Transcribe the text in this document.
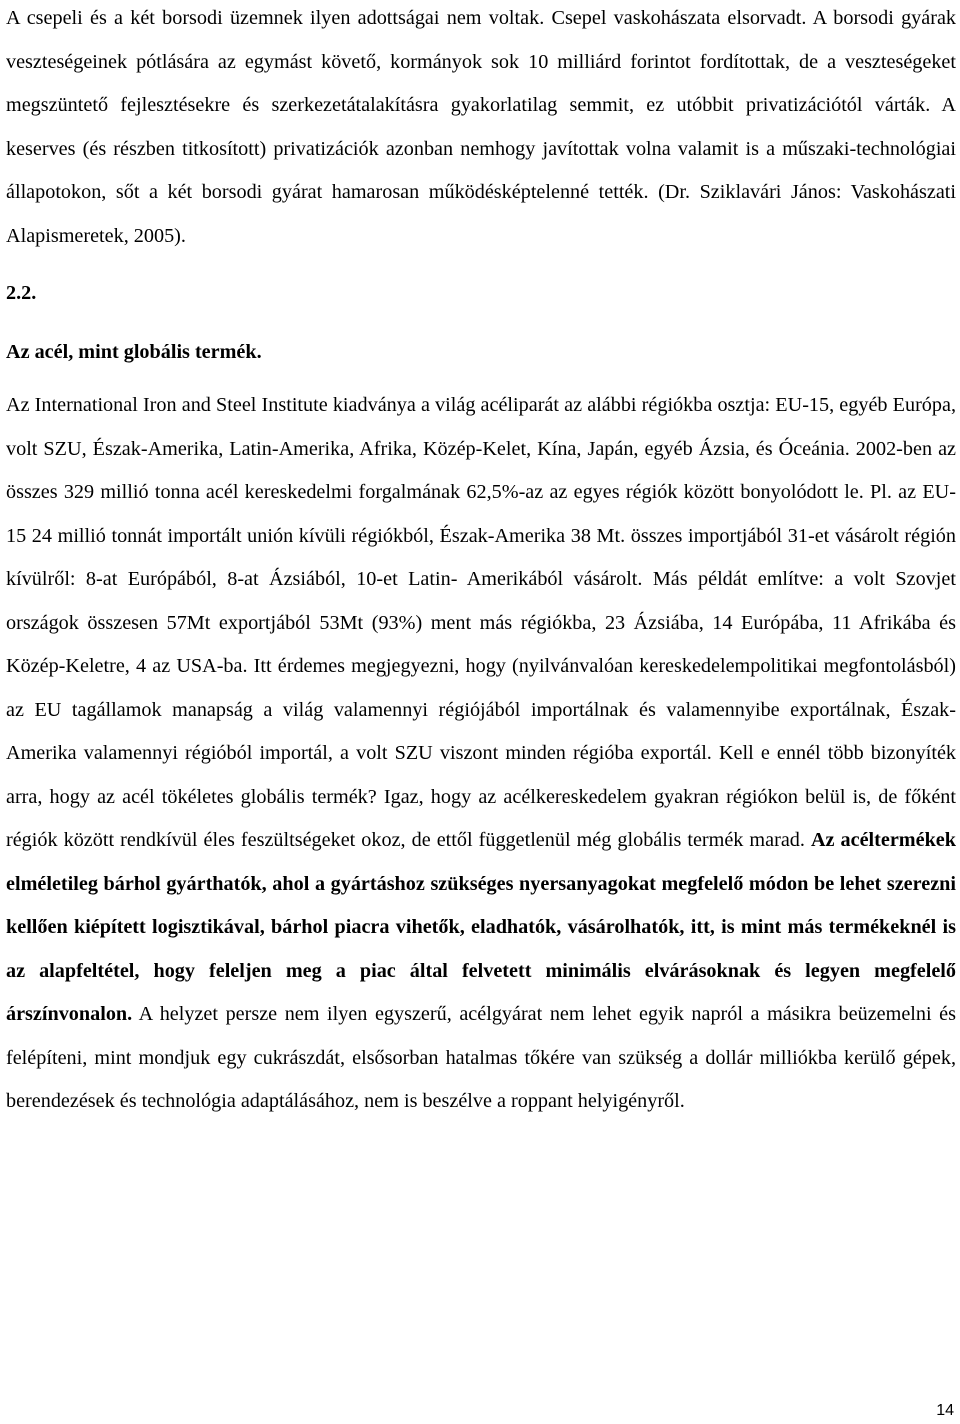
A csepeli és a két borsodi üzemnek ilyen adottságai nem voltak. Csepel vaskohászata elsorvadt. A borsodi gyárak veszteségeinek pótlására az egymást követő, kormányok sok 10 milliárd forintot fordítottak, de a veszteségeket megszüntető fejlesztésekre és szerkezetátalakításra gyakorlatilag semmit, ez utóbbit privatizációtól várták. A keserves (és részben titkosított) privatizációk azonban nemhogy javítottak volna valamit is a műszaki-technológiai állapotokon, sőt a két borsodi gyárat hamarosan működésképtelenné tették. (Dr. Sziklavári János: Vaskohászati Alapismeretek, 2005).

2.2.

Az acél, mint globális termék.

Az International Iron and Steel Institute kiadványa a világ acéliparát az alábbi régiókba osztja: EU-15, egyéb Európa, volt SZU, Észak-Amerika, Latin-Amerika, Afrika, Közép-Kelet, Kína, Japán, egyéb Ázsia, és Óceánia. 2002-ben az összes 329 millió tonna acél kereskedelmi forgalmának 62,5%-az az egyes régiók között bonyolódott le. Pl. az EU-15 24 millió tonnát importált unión kívüli régiókból, Észak-Amerika 38 Mt. összes importjából 31-et vásárolt régión kívülről: 8-at Európából, 8-at Ázsiából, 10-et Latin- Amerikából vásárolt. Más példát említve: a volt Szovjet országok összesen 57Mt exportjából 53Mt (93%) ment más régiókba, 23 Ázsiába, 14 Európába, 11 Afrikába és Közép-Keletre, 4 az USA-ba. Itt érdemes megjegyezni, hogy (nyilvánvalóan kereskedelempolitikai megfontolásból) az EU tagállamok manapság a világ valamennyi régiójából importálnak és valamennyibe exportálnak, Észak-Amerika valamennyi régióból importál, a volt SZU viszont minden régióba exportál. Kell e ennél több bizonyíték arra, hogy az acél tökéletes globális termék? Igaz, hogy az acélkereskedelem gyakran régiókon belül is, de főként régiók között rendkívül éles feszültségeket okoz, de ettől függetlenül még globális termék marad. Az acéltermékek elméletileg bárhol gyárthatók, ahol a gyártáshoz szükséges nyersanyagokat megfelelő módon be lehet szerezni kellően kiépített logisztikával, bárhol piacra vihetők, eladhatók, vásárolhatók, itt, is mint más termékeknél is az alapfeltétel, hogy feleljen meg a piac által felvetett minimális elvárásoknak és legyen megfelelő árszínvonalon. A helyzet persze nem ilyen egyszerű, acélgyárat nem lehet egyik napról a másikra beüzemelni és felépíteni, mint mondjuk egy cukrászdát, elsősorban hatalmas tőkére van szükség a dollár milliókba kerülő gépek, berendezések és technológia adaptálásához, nem is beszélve a roppant helyigényről.

14
